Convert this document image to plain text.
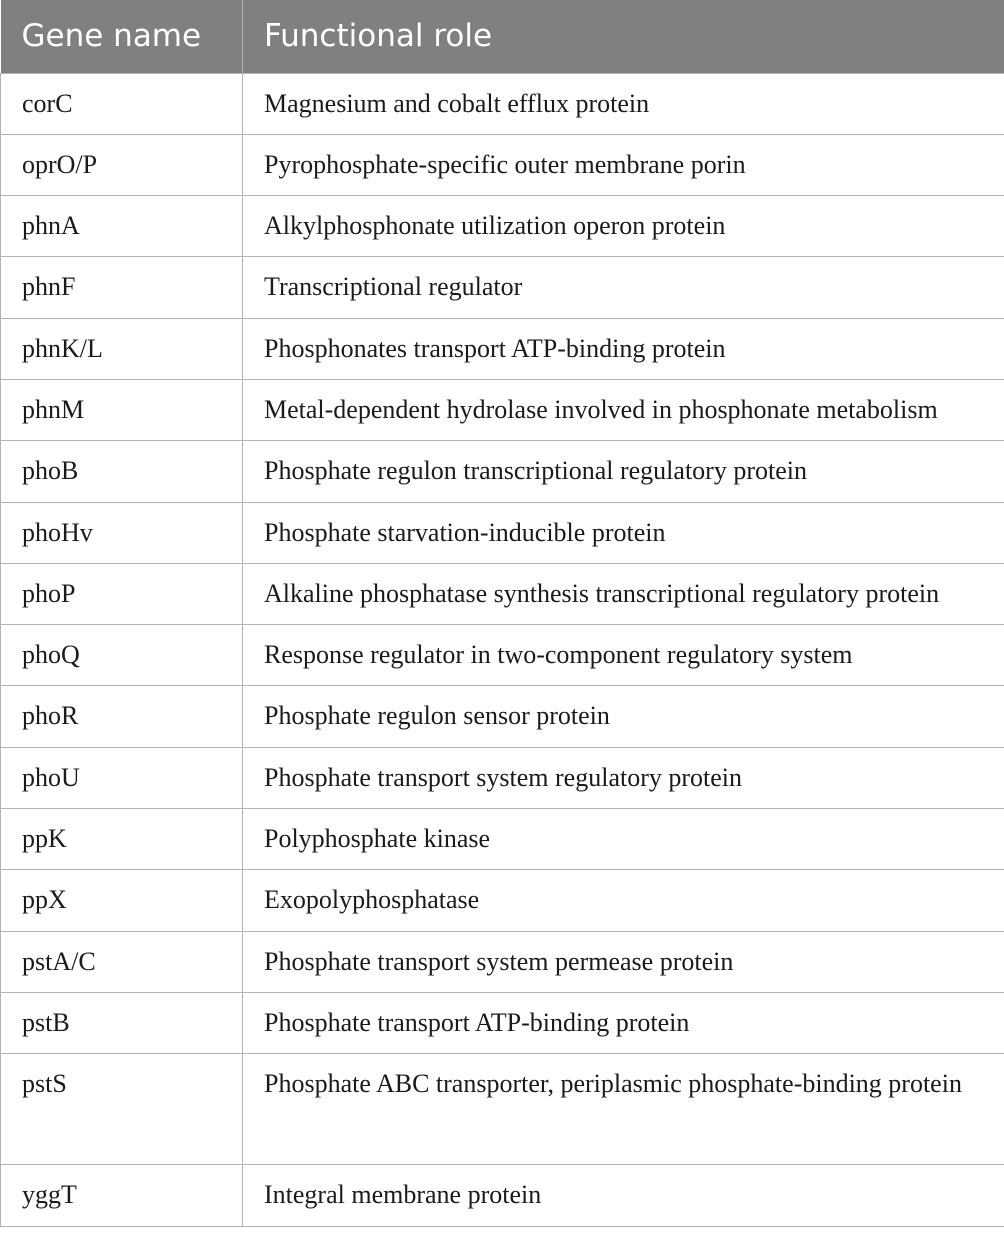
Gene name	Functional role
corC	Magnesium and cobalt efflux protein
oprO/P	Pyrophosphate-specific outer membrane porin
phnA	Alkylphosphonate utilization operon protein
phnF	Transcriptional regulator
phnK/L	Phosphonates transport ATP-binding protein
phnM	Metal-dependent hydrolase involved in phosphonate metabolism
phoB	Phosphate regulon transcriptional regulatory protein
phoHv	Phosphate starvation-inducible protein
phoP	Alkaline phosphatase synthesis transcriptional regulatory protein
phoQ	Response regulator in two-component regulatory system
phoR	Phosphate regulon sensor protein
phoU	Phosphate transport system regulatory protein
ppK	Polyphosphate kinase
ppX	Exopolyphosphatase
pstA/C	Phosphate transport system permease protein
pstB	Phosphate transport ATP-binding protein
pstS	Phosphate ABC transporter, periplasmic phosphate-binding protein
yggT	Integral membrane protein
